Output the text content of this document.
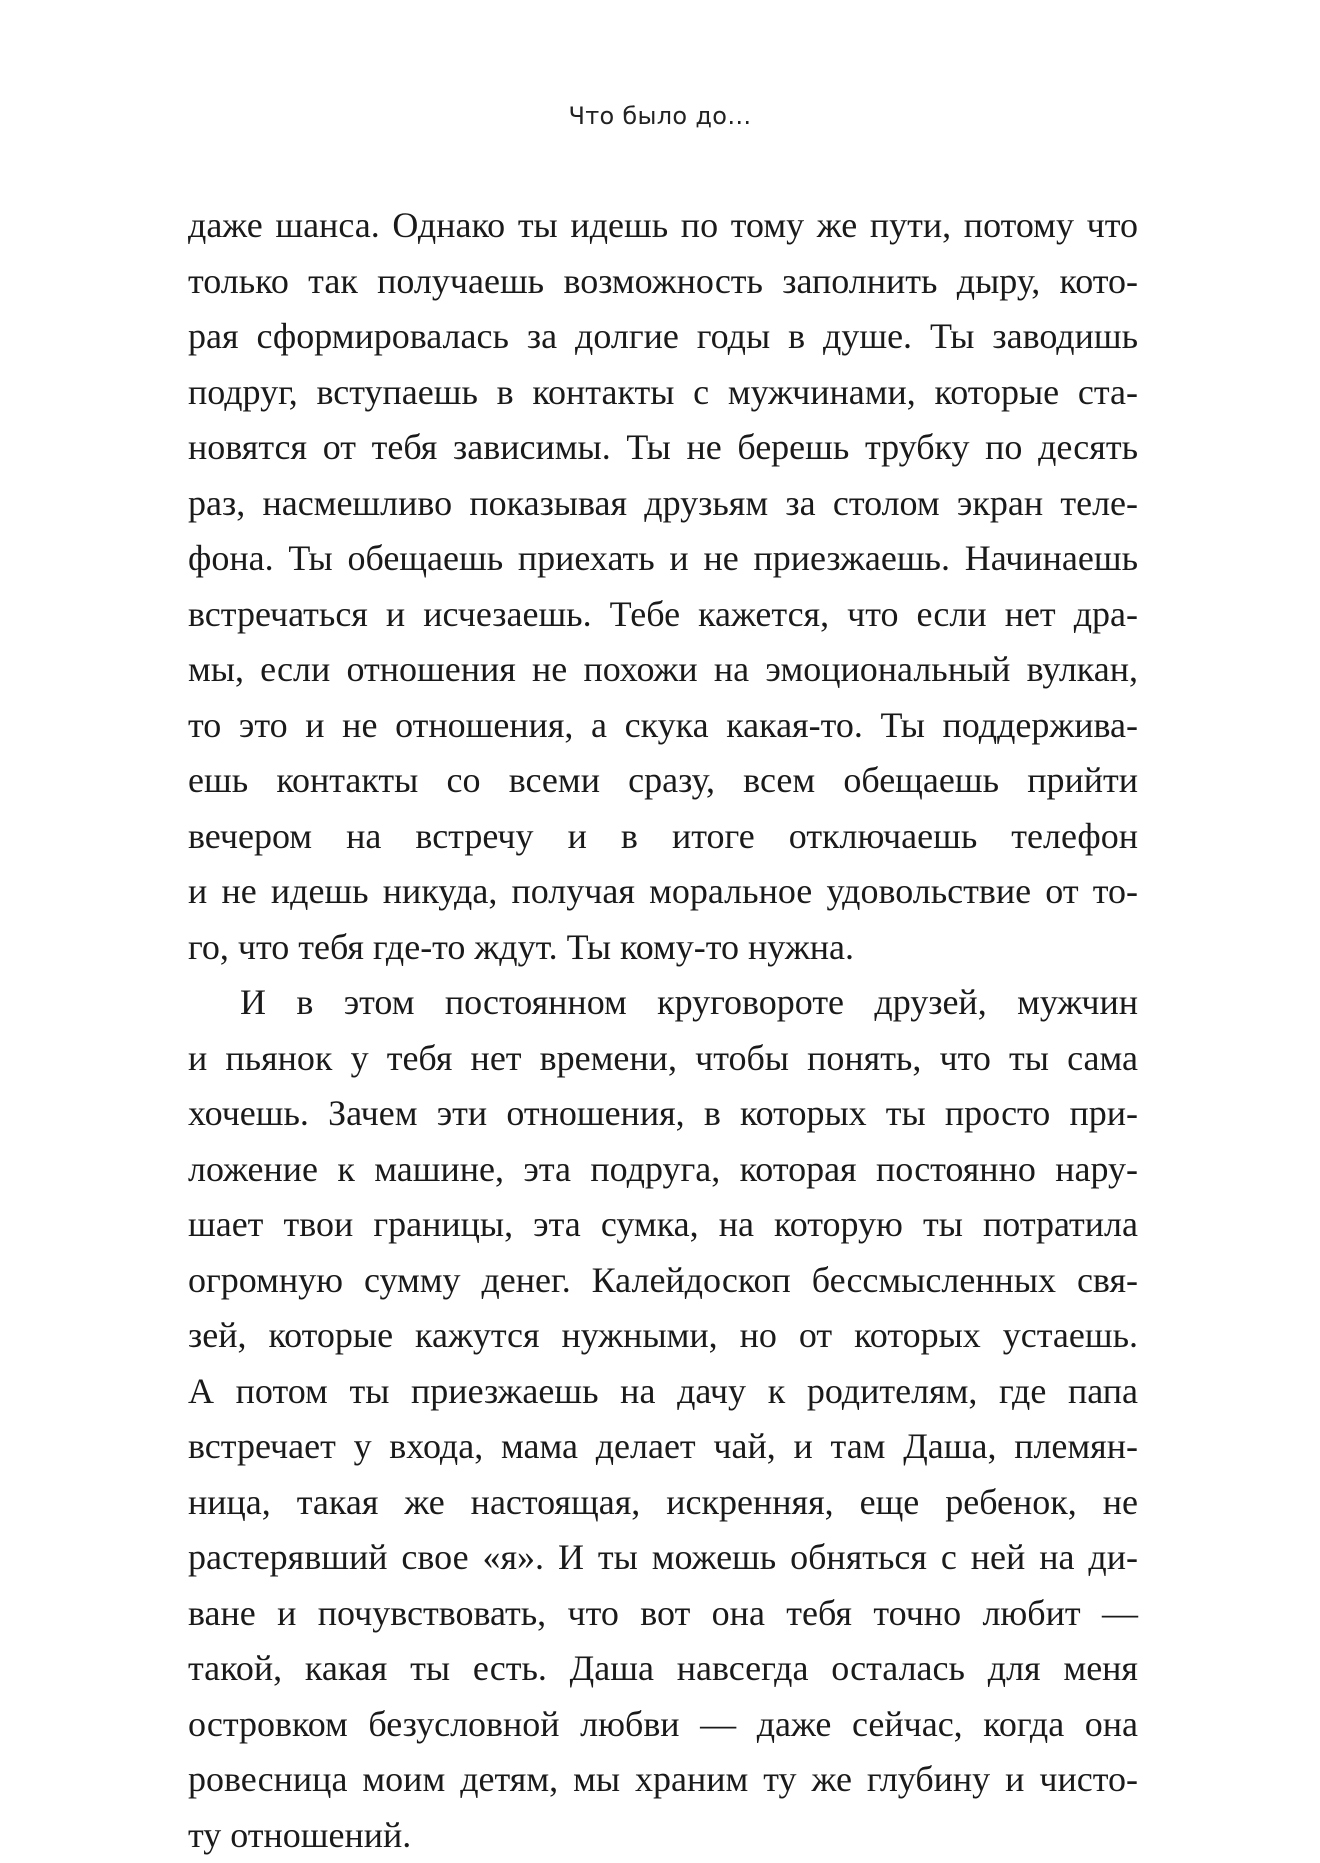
Что было до…
даже шанса. Однако ты идешь по тому же пути, потому что
только так получаешь возможность заполнить дыру, кото-
рая сформировалась за долгие годы в душе. Ты заводишь
подруг, вступаешь в контакты с мужчинами, которые ста-
новятся от тебя зависимы. Ты не берешь трубку по десять
раз, насмешливо показывая друзьям за столом экран теле-
фона. Ты обещаешь приехать и не приезжаешь. Начинаешь
встречаться и исчезаешь. Тебе кажется, что если нет дра-
мы, если отношения не похожи на эмоциональный вулкан,
то это и не отношения, а скука какая-то. Ты поддержива-
ешь контакты со всеми сразу, всем обещаешь прийти
вечером на встречу и в итоге отключаешь телефон
и не идешь никуда, получая моральное удовольствие от то-
го, что тебя где-то ждут. Ты кому-то нужна.
И в этом постоянном круговороте друзей, мужчин
и пьянок у тебя нет времени, чтобы понять, что ты сама
хочешь. Зачем эти отношения, в которых ты просто при-
ложение к машине, эта подруга, которая постоянно нару-
шает твои границы, эта сумка, на которую ты потратила
огромную сумму денег. Калейдоскоп бессмысленных свя-
зей, которые кажутся нужными, но от которых устаешь.
А потом ты приезжаешь на дачу к родителям, где папа
встречает у входа, мама делает чай, и там Даша, племян-
ница, такая же настоящая, искренняя, еще ребенок, не
растерявший свое «я». И ты можешь обняться с ней на ди-
ване и почувствовать, что вот она тебя точно любит —
такой, какая ты есть. Даша навсегда осталась для меня
островком безусловной любви — даже сейчас, когда она
ровесница моим детям, мы храним ту же глубину и чисто-
ту отношений.
